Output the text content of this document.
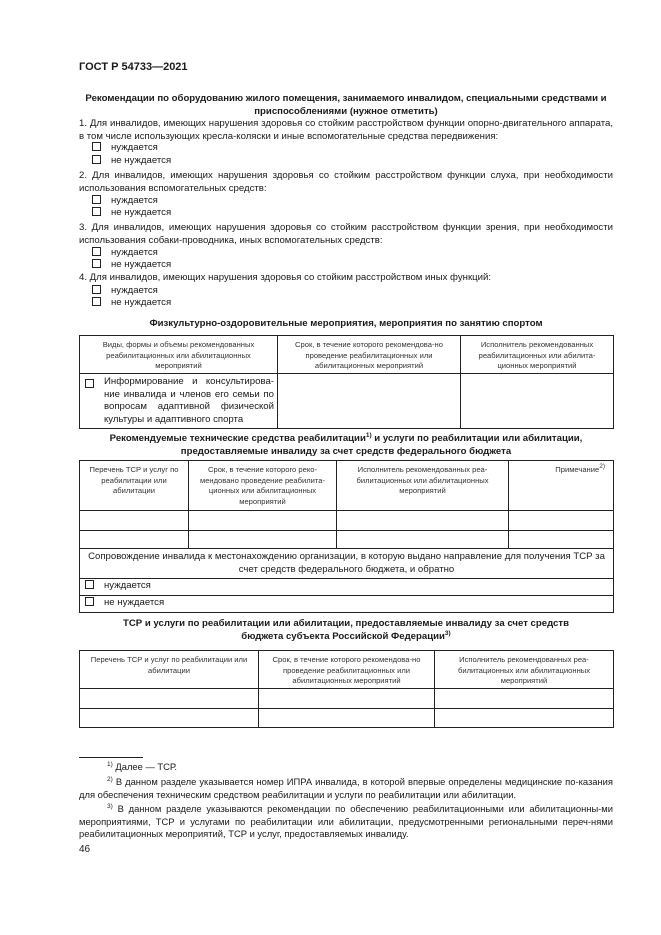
ГОСТ Р 54733—2021
Рекомендации по оборудованию жилого помещения, занимаемого инвалидом, специальными средствами и приспособлениями (нужное отметить)
1. Для инвалидов, имеющих нарушения здоровья со стойким расстройством функции опорно-двигательного аппарата, в том числе использующих кресла-коляски и иные вспомогательные средства передвижения:
нуждается
не нуждается
2. Для инвалидов, имеющих нарушения здоровья со стойким расстройством функции слуха, при необходимости использования вспомогательных средств:
нуждается
не нуждается
3. Для инвалидов, имеющих нарушения здоровья со стойким расстройством функции зрения, при необходимости использования собаки-проводника, иных вспомогательных средств:
нуждается
не нуждается
4. Для инвалидов, имеющих нарушения здоровья со стойким расстройством иных функций:
нуждается
не нуждается
Физкультурно-оздоровительные мероприятия, мероприятия по занятию спортом
Виды, формы и объемы рекомендованных реабилитационных или абилитационных мероприятий	Срок, в течение которого рекомендова-но проведение реабилитационных или абилитационных мероприятий	Исполнитель рекомендованных реабилитационных или абилита-ционных мероприятий

Информирование и консультирова-ние инвалида и членов его семьи по вопросам адаптивной физической культуры и адаптивного спорта		

Рекомендуемые технические средства реабилитации$^{1)}$ и услуги по реабилитации или абилитации, предоставляемые инвалиду за счет средств федерального бюджета
Перечень ТСР и услуг по реабилитации или абилитации	Срок, в течение которого реко-мендовано проведение реабилита-ционных или абилитационных мероприятий	Исполнитель рекомендованных реа-билитационных или абилитационных мероприятий	Примечание$^{2)}$

Сопровождение инвалида к местонахождению организации, в которую выдано направление для получения ТСР за счет средств федерального бюджета, и обратно			

нуждается			

не нуждается			
ТСР и услуги по реабилитации или абилитации, предоставляемые инвалиду за счет средств бюджета субъекта Российской Федерации$^{3)}$
Перечень ТСР и услуг по реабилитации или абилитации	Срок, в течение которого рекомендова-но проведение реабилитационных или абилитационных мероприятий	Исполнитель рекомендованных реа-билитационных или абилитационных мероприятий

$^{1)}$ Далее — ТСР.
$^{2)}$ В данном разделе указывается номер ИПРА инвалида, в которой впервые определены медицинские по-казания для обеспечения техническим средством реабилитации и услуги по реабилитации или абилитации.
$^{3)}$ В данном разделе указываются рекомендации по обеспечению реабилитационными или абилитационны-ми мероприятиями, ТСР и услугами по реабилитации или абилитации, предусмотренными региональными переч-нями реабилитационных мероприятий, ТСР и услуг, предоставляемых инвалиду.
46
